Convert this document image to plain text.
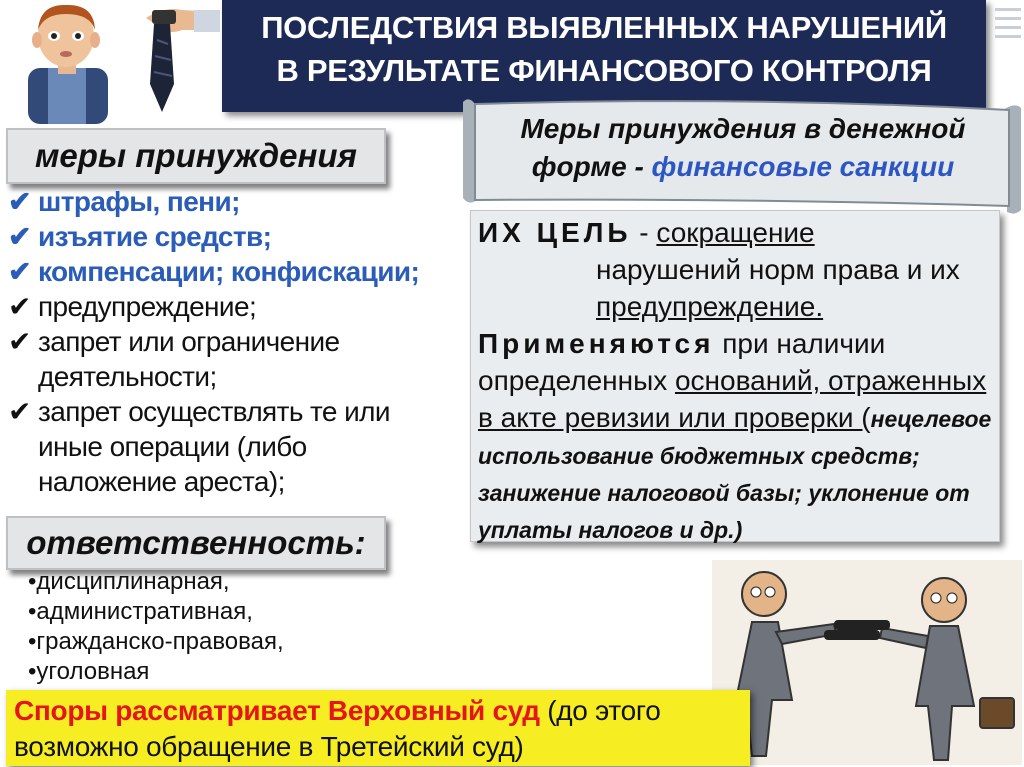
ПОСЛЕДСТВИЯ ВЫЯВЛЕННЫХ НАРУШЕНИЙ
В РЕЗУЛЬТАТЕ ФИНАНСОВОГО КОНТРОЛЯ
меры принуждения
✔ штрафы, пени;
✔ изъятие средств;
✔ компенсации; конфискации;
✔ предупреждение;
✔ запрет или ограничение деятельности;
✔ запрет осуществлять те или иные операции (либо наложение ареста);
ответственность:
•дисциплинарная,
•административная,
•гражданско-правовая,
•уголовная
Меры принуждения в денежной форме - финансовые санкции
ИХ ЦЕЛЬ - сокращение

нарушений норм права и их предупреждение.
Применяются при наличии определенных оснований, отраженных в акте ревизии или проверки (нецелевое использование бюджетных средств; занижение налоговой базы; уклонение от уплаты налогов и др.)
Споры рассматривает Верховный суд (до этого возможно обращение в Третейский суд)
